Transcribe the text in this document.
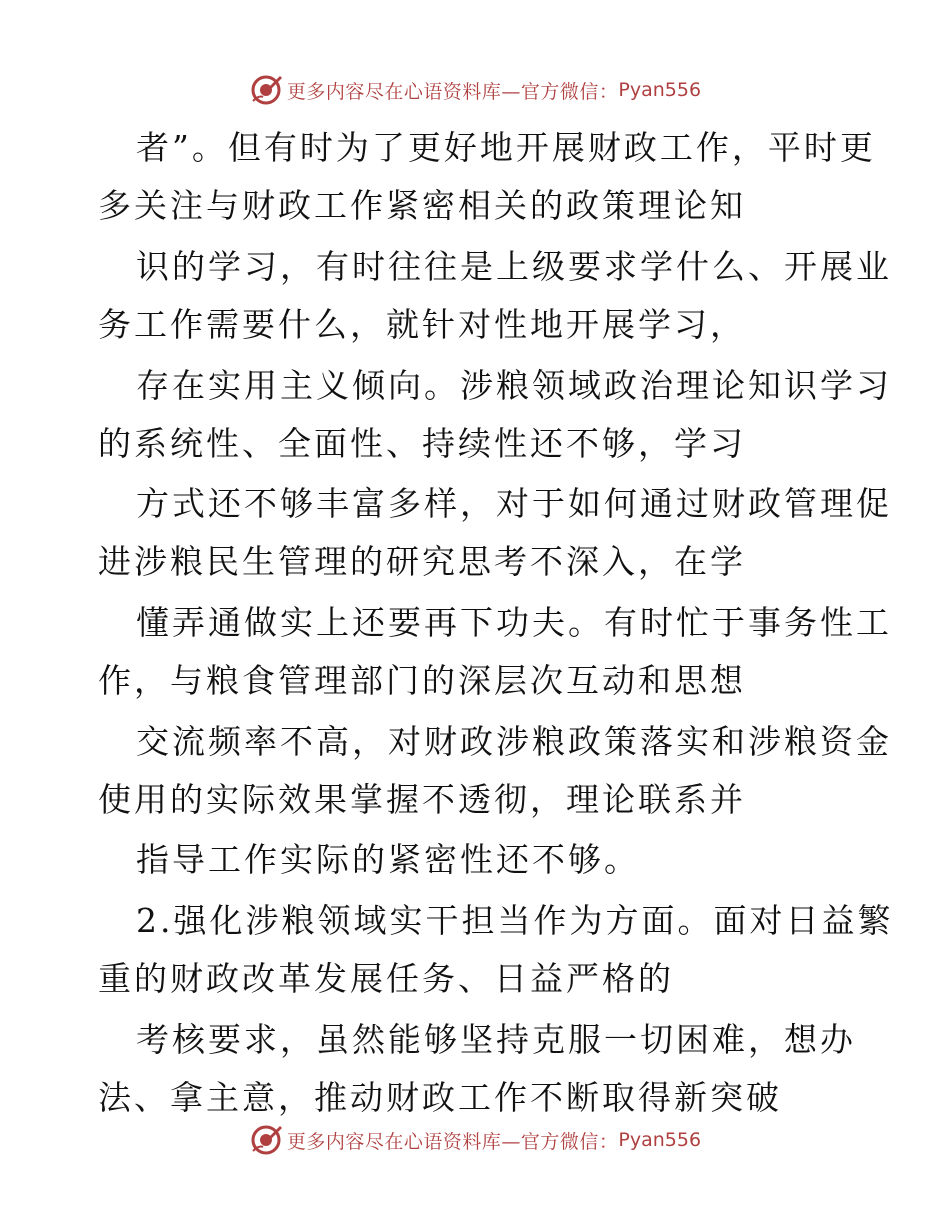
更多内容尽在心语资料库—官方微信： Pyan556
者”。但有时为了更好地开展财政工作，平时更
多关注与财政工作紧密相关的政策理论知
识的学习，有时往往是上级要求学什么、开展业
务工作需要什么，就针对性地开展学习，
存在实用主义倾向。涉粮领域政治理论知识学习
的系统性、全面性、持续性还不够，学习
方式还不够丰富多样，对于如何通过财政管理促
进涉粮民生管理的研究思考不深入，在学
懂弄通做实上还要再下功夫。有时忙于事务性工
作，与粮食管理部门的深层次互动和思想
交流频率不高，对财政涉粮政策落实和涉粮资金
使用的实际效果掌握不透彻，理论联系并
指导工作实际的紧密性还不够。
2.强化涉粮领域实干担当作为方面。面对日益繁
重的财政改革发展任务、日益严格的
考核要求，虽然能够坚持克服一切困难，想办
法、拿主意，推动财政工作不断取得新突破
更多内容尽在心语资料库—官方微信： Pyan556
